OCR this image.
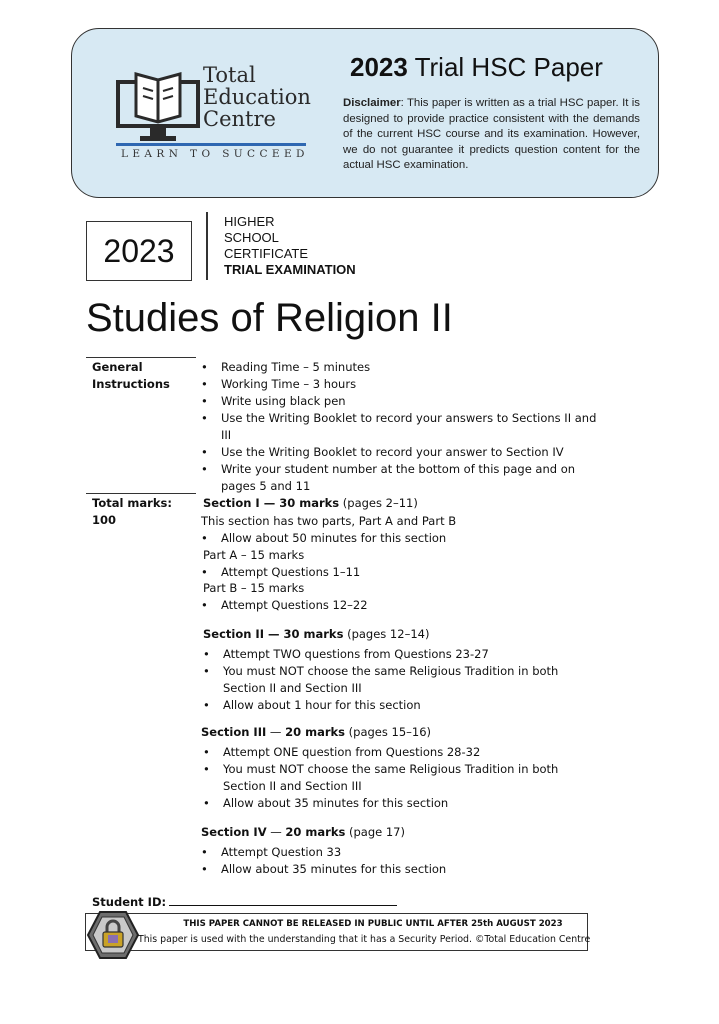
Total
Education
Centre
LEARN TO SUCCEED
2023 Trial HSC Paper
Disclaimer: This paper is written as a trial HSC paper. It is designed to provide practice consistent with the demands of the current HSC course and its examination. However, we do not guarantee it predicts question content for the actual HSC examination.
2023
HIGHER
SCHOOL
CERTIFICATE
TRIAL EXAMINATION
Studies of Religion II
General
Instructions
• Reading Time – 5 minutes
• Working Time – 3 hours
• Write using black pen
• Use the Writing Booklet to record your answers to Sections II and III
• Use the Writing Booklet to record your answer to Section IV
• Write your student number at the bottom of this page and on pages 5 and 11
Total marks:
100
Section I — 30 marks (pages 2–11)
This section has two parts, Part A and Part B
• Allow about 50 minutes for this section
Part A – 15 marks
• Attempt Questions 1–11
Part B – 15 marks
• Attempt Questions 12–22
Section II — 30 marks (pages 12–14)
• Attempt TWO questions from Questions 23-27
• You must NOT choose the same Religious Tradition in both Section II and Section III
• Allow about 1 hour for this section
Section III — 20 marks (pages 15–16)
• Attempt ONE question from Questions 28-32
• You must NOT choose the same Religious Tradition in both Section II and Section III
• Allow about 35 minutes for this section
Section IV — 20 marks (page 17)
• Attempt Question 33
• Allow about 35 minutes for this section
Student ID:
THIS PAPER CANNOT BE RELEASED IN PUBLIC UNTIL AFTER 25th AUGUST 2023
This paper is used with the understanding that it has a Security Period. ©Total Education Centre
